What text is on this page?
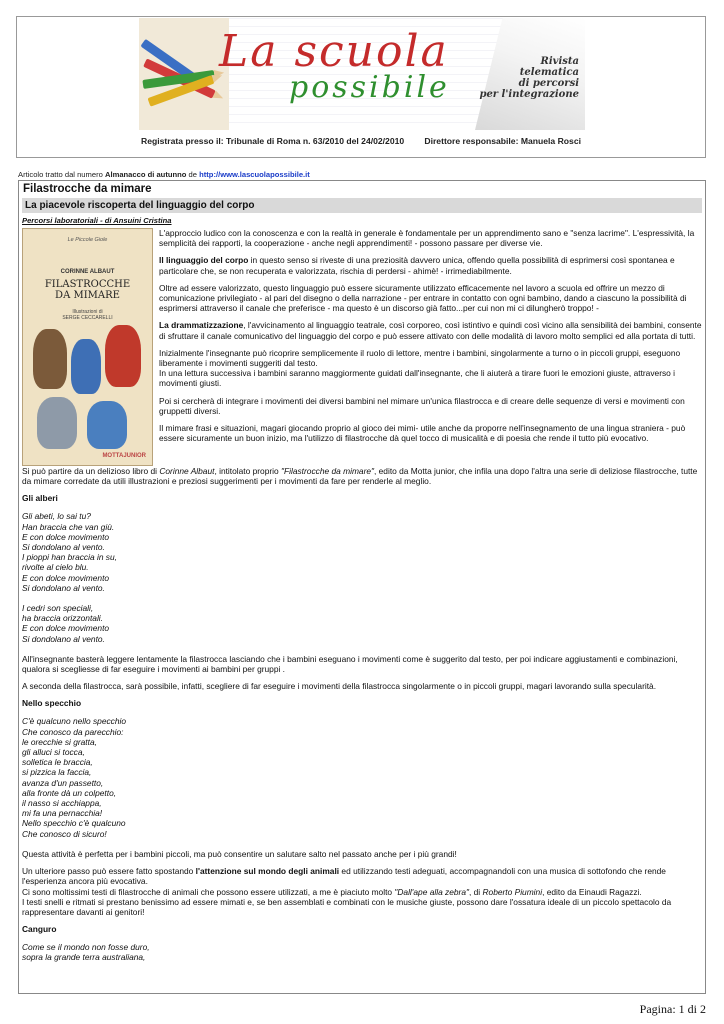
La scuola
possibile
Rivista
telematica
di percorsi
per l'integrazione
Registrata presso il: Tribunale di Roma n. 63/2010 del 24/02/2010 Direttore responsabile: Manuela Rosci
Articolo tratto dal numero Almanacco di autunno de http://www.lascuolapossibile.it
Filastrocche da mimare
La piacevole riscoperta del linguaggio del corpo
Percorsi laboratoriali - di Ansuini Cristina
Le Piccole Giole
CORINNE ALBAUT
FILASTROCCHE
DA MIMARE
Illustrazioni di
SERGE CECCARELLI
MOTTAJUNIOR

L'approccio ludico con la conoscenza e con la realtà in generale è fondamentale per un apprendimento sano e "senza lacrime". L'espressività, la semplicità dei rapporti, la cooperazione - anche negli apprendimenti! - possono passare per diverse vie.

Il linguaggio del corpo in questo senso si riveste di una preziosità davvero unica, offendo quella possibilità di esprimersi così spontanea e particolare che, se non recuperata e valorizzata, rischia di perdersi - ahimè! - irrimediabilmente.

Oltre ad essere valorizzato, questo linguaggio può essere sicuramente utilizzato efficacemente nel lavoro a scuola ed offrire un mezzo di comunicazione privilegiato - al pari del disegno o della narrazione - per entrare in contatto con ogni bambino, dando a ciascuno la possibilità di esprimersi attraverso il canale che preferisce - ma questo è un discorso già fatto...per cui non mi ci dilungherò troppo! -

La drammatizzazione, l'avvicinamento al linguaggio teatrale, così corporeo, così istintivo e quindi così vicino alla sensibilità dei bambini, consente di sfruttare il canale comunicativo del linguaggio del corpo e può essere attivato con delle modalità di lavoro molto semplici ed alla portata di tutti.

Inizialmente l'insegnante può ricoprire semplicemente il ruolo di lettore, mentre i bambini, singolarmente a turno o in piccoli gruppi, eseguono liberamente i movimenti suggeriti dal testo.
In una lettura successiva i bambini saranno maggiormente guidati dall'insegnante, che li aiuterà a tirare fuori le emozioni giuste, attraverso i movimenti giusti.

Poi si cercherà di integrare i movimenti dei diversi bambini nel mimare un'unica filastrocca e di creare delle sequenze di versi e movimenti con gruppetti diversi.

Il mimare frasi e situazioni, magari giocando proprio al gioco dei mimi- utile anche da proporre nell'insegnamento de una lingua straniera - può essere sicuramente un buon inizio, ma l'utilizzo di filastrocche dà quel tocco di musicalità e di poesia che rende il tutto più evocativo.

Si può partire da un delizioso libro di Corinne Albaut, intitolato proprio "Filastrocche da mimare", edito da Motta junior, che infila una dopo l'altra una serie di deliziose filastrocche, tutte da mimare corredate da utili illustrazioni e preziosi suggerimenti per i movimenti da fare per renderle al meglio.

Gli alberi

Gli abeti, lo sai tu?
Han braccia che van giù.
E con dolce movimento
Si dondolano al vento.
I pioppi han braccia in su,
rivolte al cielo blu.
E con dolce movimento
Si dondolano al vento.

I cedri son speciali,
ha braccia orizzontali.
E con dolce movimento
Si dondolano al vento.

All'insegnante basterà leggere lentamente la filastrocca lasciando che i bambini eseguano i movimenti come è suggerito dal testo, per poi indicare aggiustamenti e combinazioni, qualora si scegliesse di far eseguire i movimenti ai bambini per gruppi .

A seconda della filastrocca, sarà possibile, infatti, scegliere di far eseguire i movimenti della filastrocca singolarmente o in piccoli gruppi, magari lavorando sulla specularità.

Nello specchio

C'è qualcuno nello specchio
Che conosco da parecchio:
le orecchie si gratta,
gli alluci si tocca,
solletica le braccia,
si pizzica la faccia,
avanza d'un passetto,
alla fronte dà un colpetto,
il nasso si acchiappa,
mi fa una pernacchia!
Nello specchio c'è qualcuno
Che conosco di sicuro!

Questa attività è perfetta per i bambini piccoli, ma può consentire un salutare salto nel passato anche per i più grandi!

Un ulteriore passo può essere fatto spostando l'attenzione sul mondo degli animali ed utilizzando testi adeguati, accompagnandoli con una musica di sottofondo che rende l'esperienza ancora più evocativa.
Ci sono moltissimi testi di filastrocche di animali che possono essere utilizzati, a me è piaciuto molto "Dall'ape alla zebra", di Roberto Piumini, edito da Einaudi Ragazzi.
I testi snelli e ritmati si prestano benissimo ad essere mimati e, se ben assemblati e combinati con le musiche giuste, possono dare l'ossatura ideale di un piccolo spettacolo da rappresentare davanti ai genitori!

Canguro

Come se il mondo non fosse duro,
sopra la grande terra australiana,

Pagina: 1 di 2
